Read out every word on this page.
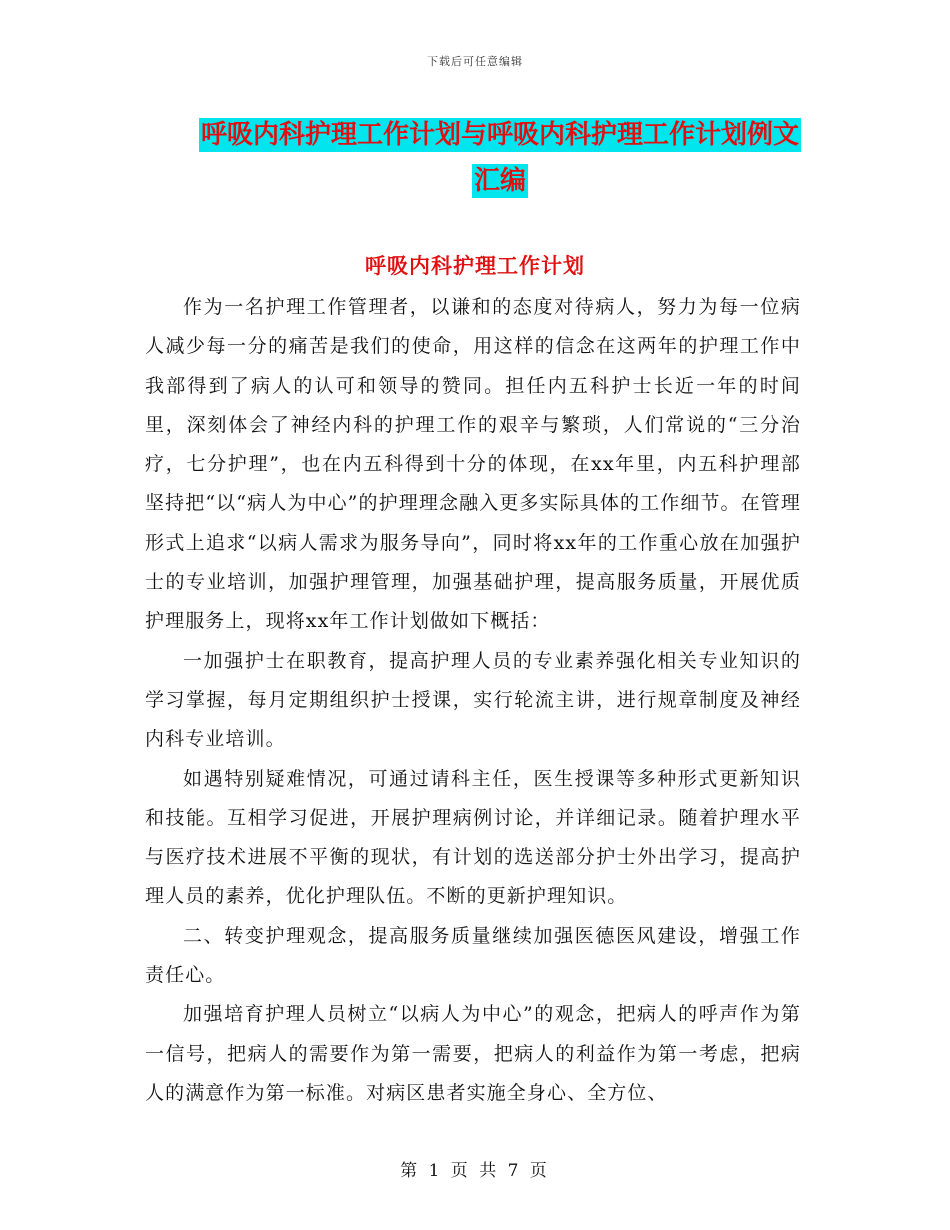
下载后可任意编辑
呼吸内科护理工作计划与呼吸内科护理工作计划例文
汇编
呼吸内科护理工作计划

作为一名护理工作管理者，以谦和的态度对待病人，努力为每一位病人减少每一分的痛苦是我们的使命，用这样的信念在这两年的护理工作中我部得到了病人的认可和领导的赞同。担任内五科护士长近一年的时间里，深刻体会了神经内科的护理工作的艰辛与繁琐，人们常说的“三分治疗，七分护理”，也在内五科得到十分的体现，在xx年里，内五科护理部坚持把“以“病人为中心”的护理理念融入更多实际具体的工作细节。在管理形式上追求“以病人需求为服务导向”，同时将xx年的工作重心放在加强护士的专业培训，加强护理管理，加强基础护理，提高服务质量，开展优质护理服务上，现将xx年工作计划做如下概括：

一加强护士在职教育，提高护理人员的专业素养强化相关专业知识的学习掌握，每月定期组织护士授课，实行轮流主讲，进行规章制度及神经内科专业培训。

如遇特别疑难情况，可通过请科主任，医生授课等多种形式更新知识和技能。互相学习促进，开展护理病例讨论，并详细记录。随着护理水平与医疗技术进展不平衡的现状，有计划的选送部分护士外出学习，提高护理人员的素养，优化护理队伍。不断的更新护理知识。

二、转变护理观念，提高服务质量继续加强医德医风建设，增强工作责任心。

加强培育护理人员树立“以病人为中心”的观念，把病人的呼声作为第一信号，把病人的需要作为第一需要，把病人的利益作为第一考虑，把病人的满意作为第一标准。对病区患者实施全身心、全方位、

第 1 页 共 7 页
